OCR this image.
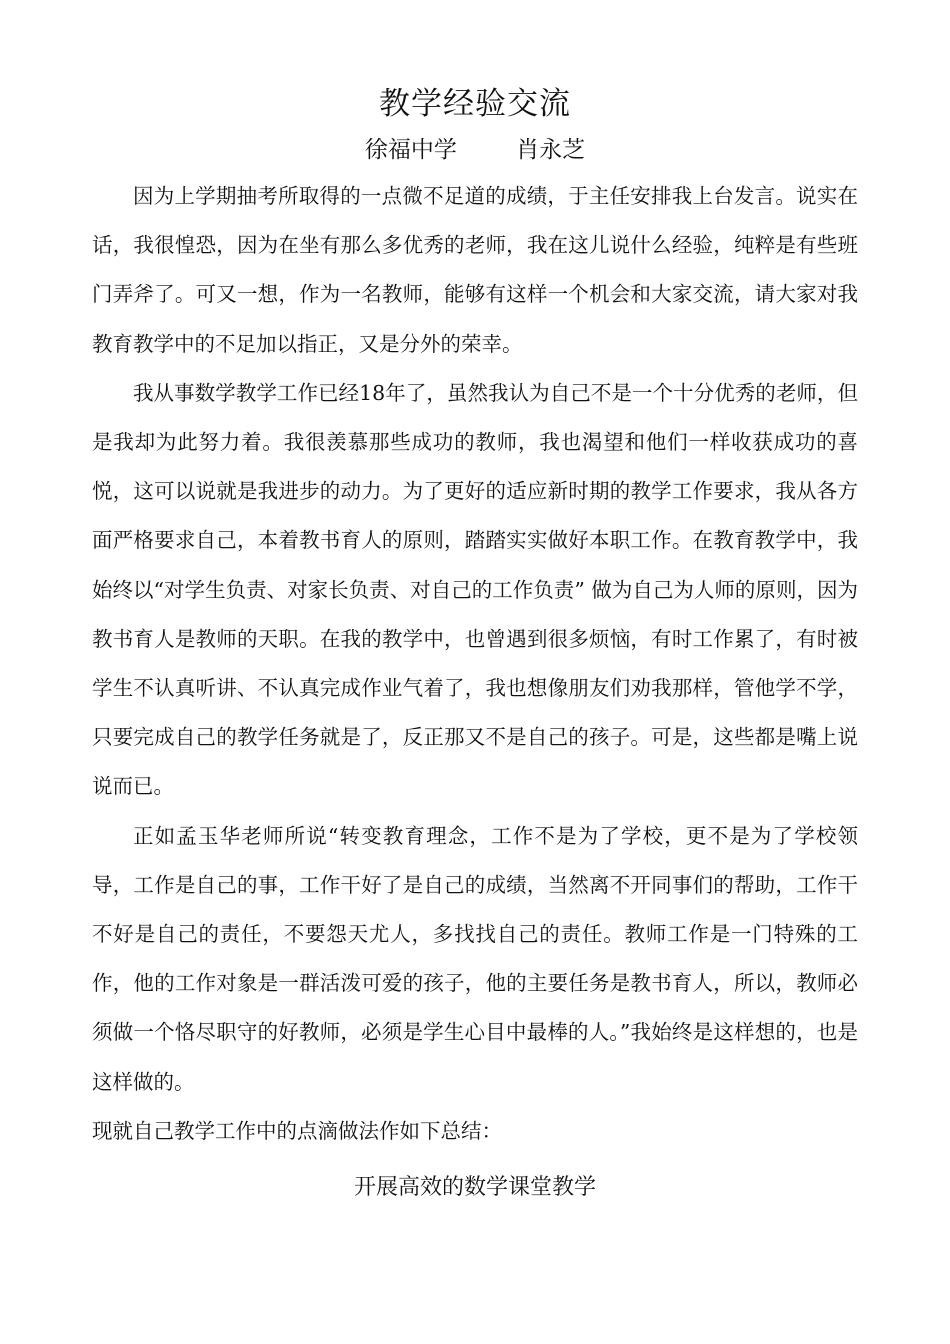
教学经验交流
徐福中学	肖永芝

因为上学期抽考所取得的一点微不足道的成绩，于主任安排我上台发言。说实在话，我很惶恐，因为在坐有那么多优秀的老师，我在这儿说什么经验，纯粹是有些班门弄斧了。可又一想，作为一名教师，能够有这样一个机会和大家交流，请大家对我教育教学中的不足加以指正，又是分外的荣幸。

我从事数学教学工作已经18年了，虽然我认为自己不是一个十分优秀的老师，但是我却为此努力着。我很羡慕那些成功的教师，我也渴望和他们一样收获成功的喜悦，这可以说就是我进步的动力。为了更好的适应新时期的教学工作要求，我从各方面严格要求自己，本着教书育人的原则，踏踏实实做好本职工作。在教育教学中，我始终以“对学生负责、对家长负责、对自己的工作负责” 做为自己为人师的原则，因为教书育人是教师的天职。在我的教学中，也曾遇到很多烦恼，有时工作累了，有时被学生不认真听讲、不认真完成作业气着了，我也想像朋友们劝我那样，管他学不学，只要完成自己的教学任务就是了，反正那又不是自己的孩子。可是，这些都是嘴上说说而已。

正如孟玉华老师所说“转变教育理念，工作不是为了学校，更不是为了学校领导，工作是自己的事，工作干好了是自己的成绩，当然离不开同事们的帮助，工作干不好是自己的责任，不要怨天尤人，多找找自己的责任。教师工作是一门特殊的工作，他的工作对象是一群活泼可爱的孩子，他的主要任务是教书育人，所以，教师必须做一个恪尽职守的好教师，必须是学生心目中最棒的人。”我始终是这样想的，也是这样做的。

现就自己教学工作中的点滴做法作如下总结：

开展高效的数学课堂教学
